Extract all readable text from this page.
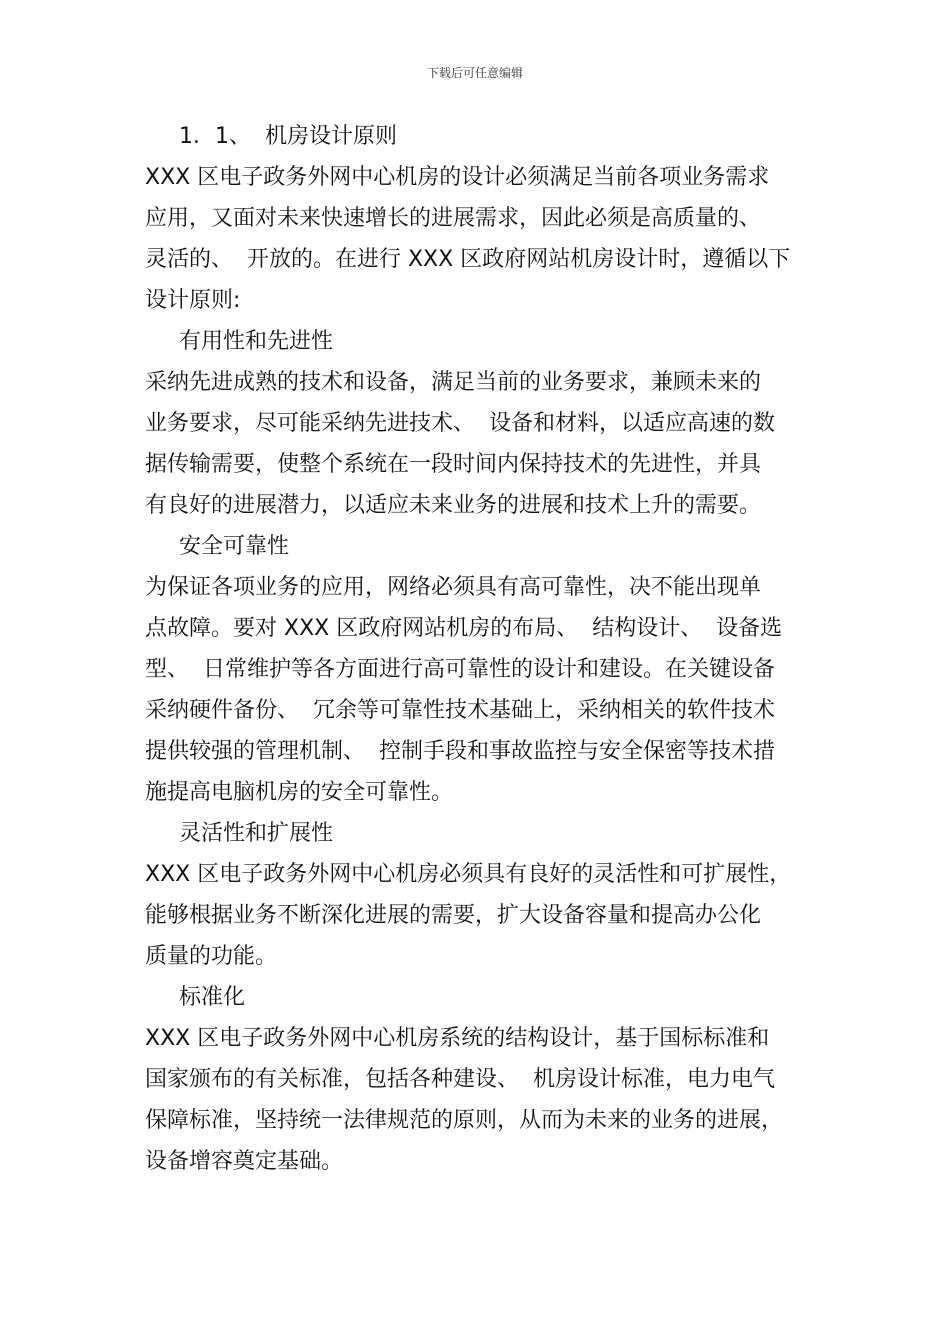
下载后可任意编辑
1．1、  机房设计原则
XXX 区电子政务外网中心机房的设计必须满足当前各项业务需求
应用，又面对未来快速增长的进展需求，因此必须是高质量的、
灵活的、  开放的。在进行 XXX 区政府网站机房设计时，遵循以下
设计原则:
有用性和先进性
采纳先进成熟的技术和设备，满足当前的业务要求，兼顾未来的
业务要求，尽可能采纳先进技术、  设备和材料，以适应高速的数
据传输需要，使整个系统在一段时间内保持技术的先进性，并具
有良好的进展潜力，以适应未来业务的进展和技术上升的需要。
安全可靠性
为保证各项业务的应用，网络必须具有高可靠性，决不能出现单
点故障。要对 XXX 区政府网站机房的布局、  结构设计、  设备选
型、  日常维护等各方面进行高可靠性的设计和建设。在关键设备
采纳硬件备份、  冗余等可靠性技术基础上，采纳相关的软件技术
提供较强的管理机制、  控制手段和事故监控与安全保密等技术措
施提高电脑机房的安全可靠性。
灵活性和扩展性
XXX 区电子政务外网中心机房必须具有良好的灵活性和可扩展性，
能够根据业务不断深化进展的需要，扩大设备容量和提高办公化
质量的功能。
标准化
XXX 区电子政务外网中心机房系统的结构设计，基于国标标准和
国家颁布的有关标准，包括各种建设、  机房设计标准，电力电气
保障标准，坚持统一法律规范的原则，从而为未来的业务的进展，
设备增容奠定基础。
